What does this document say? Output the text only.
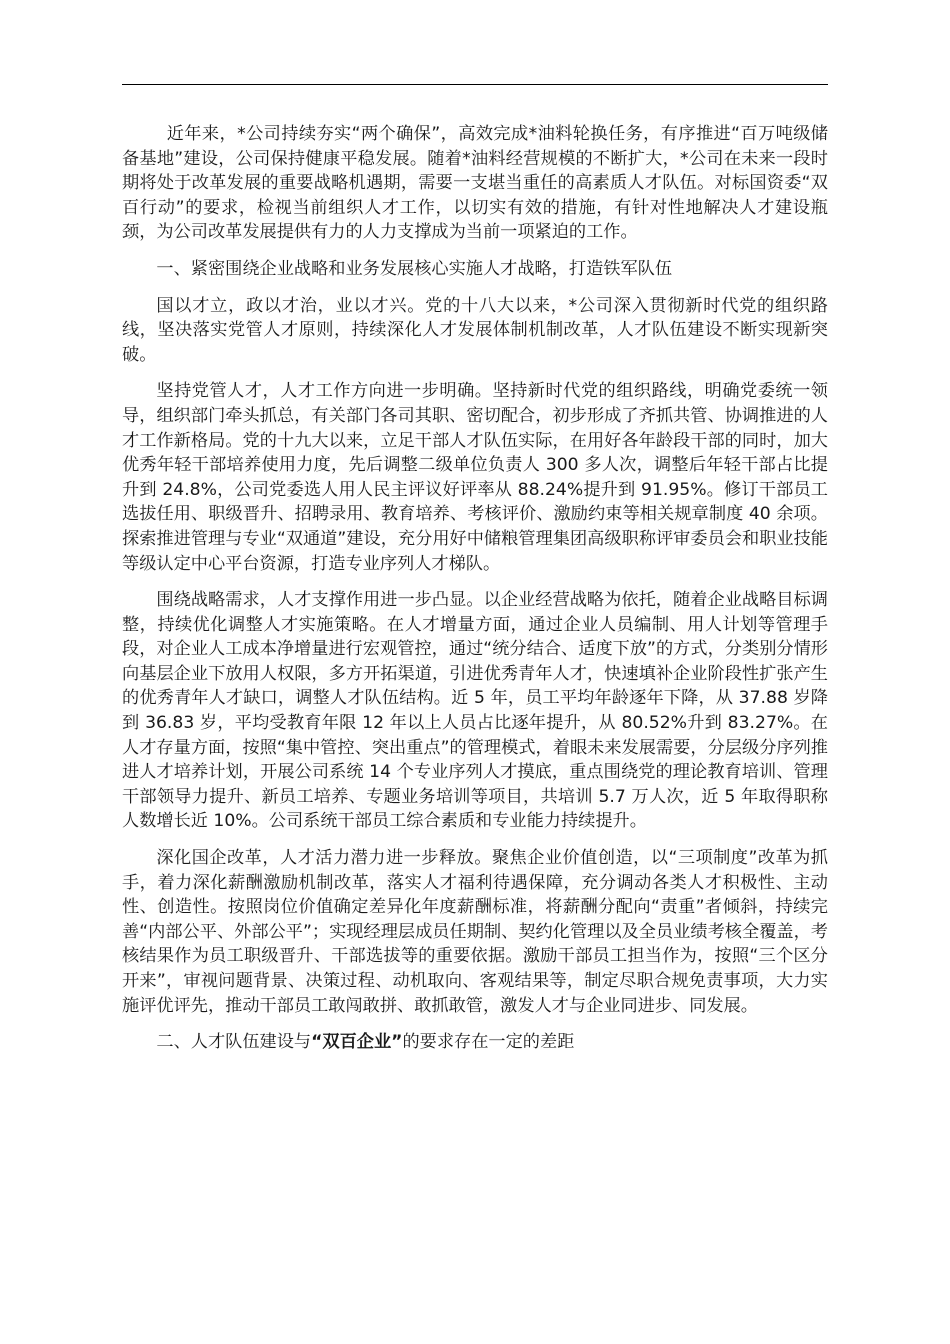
近年来，*公司持续夯实“两个确保”，高效完成*油料轮换任务，有序推进“百万吨级储备基地”建设，公司保持健康平稳发展。随着*油料经营规模的不断扩大，*公司在未来一段时期将处于改革发展的重要战略机遇期，需要一支堪当重任的高素质人才队伍。对标国资委“双百行动”的要求，检视当前组织人才工作，以切实有效的措施，有针对性地解决人才建设瓶颈，为公司改革发展提供有力的人力支撑成为当前一项紧迫的工作。

一、紧密围绕企业战略和业务发展核心实施人才战略，打造铁军队伍

国以才立，政以才治，业以才兴。党的十八大以来，*公司深入贯彻新时代党的组织路线，坚决落实党管人才原则，持续深化人才发展体制机制改革，人才队伍建设不断实现新突破。

坚持党管人才，人才工作方向进一步明确。坚持新时代党的组织路线，明确党委统一领导，组织部门牵头抓总，有关部门各司其职、密切配合，初步形成了齐抓共管、协调推进的人才工作新格局。党的十九大以来，立足干部人才队伍实际，在用好各年龄段干部的同时，加大优秀年轻干部培养使用力度，先后调整二级单位负责人 300 多人次，调整后年轻干部占比提升到 24.8%，公司党委选人用人民主评议好评率从 88.24%提升到 91.95%。修订干部员工选拔任用、职级晋升、招聘录用、教育培养、考核评价、激励约束等相关规章制度 40 余项。探索推进管理与专业“双通道”建设，充分用好中储粮管理集团高级职称评审委员会和职业技能等级认定中心平台资源，打造专业序列人才梯队。

围绕战略需求，人才支撑作用进一步凸显。以企业经营战略为依托，随着企业战略目标调整，持续优化调整人才实施策略。在人才增量方面，通过企业人员编制、用人计划等管理手段，对企业人工成本净增量进行宏观管控，通过“统分结合、适度下放”的方式，分类别分情形向基层企业下放用人权限，多方开拓渠道，引进优秀青年人才，快速填补企业阶段性扩张产生的优秀青年人才缺口，调整人才队伍结构。近 5 年，员工平均年龄逐年下降，从 37.88 岁降到 36.83 岁，平均受教育年限 12 年以上人员占比逐年提升，从 80.52%升到 83.27%。在人才存量方面，按照“集中管控、突出重点”的管理模式，着眼未来发展需要，分层级分序列推进人才培养计划，开展公司系统 14 个专业序列人才摸底，重点围绕党的理论教育培训、管理干部领导力提升、新员工培养、专题业务培训等项目，共培训 5.7 万人次，近 5 年取得职称人数增长近 10%。公司系统干部员工综合素质和专业能力持续提升。

深化国企改革，人才活力潜力进一步释放。聚焦企业价值创造，以“三项制度”改革为抓手，着力深化薪酬激励机制改革，落实人才福利待遇保障，充分调动各类人才积极性、主动性、创造性。按照岗位价值确定差异化年度薪酬标准，将薪酬分配向“责重”者倾斜，持续完善“内部公平、外部公平”；实现经理层成员任期制、契约化管理以及全员业绩考核全覆盖，考核结果作为员工职级晋升、干部选拔等的重要依据。激励干部员工担当作为，按照“三个区分开来”，审视问题背景、决策过程、动机取向、客观结果等，制定尽职合规免责事项，大力实施评优评先，推动干部员工敢闯敢拼、敢抓敢管，激发人才与企业同进步、同发展。

二、人才队伍建设与“双百企业”的要求存在一定的差距
